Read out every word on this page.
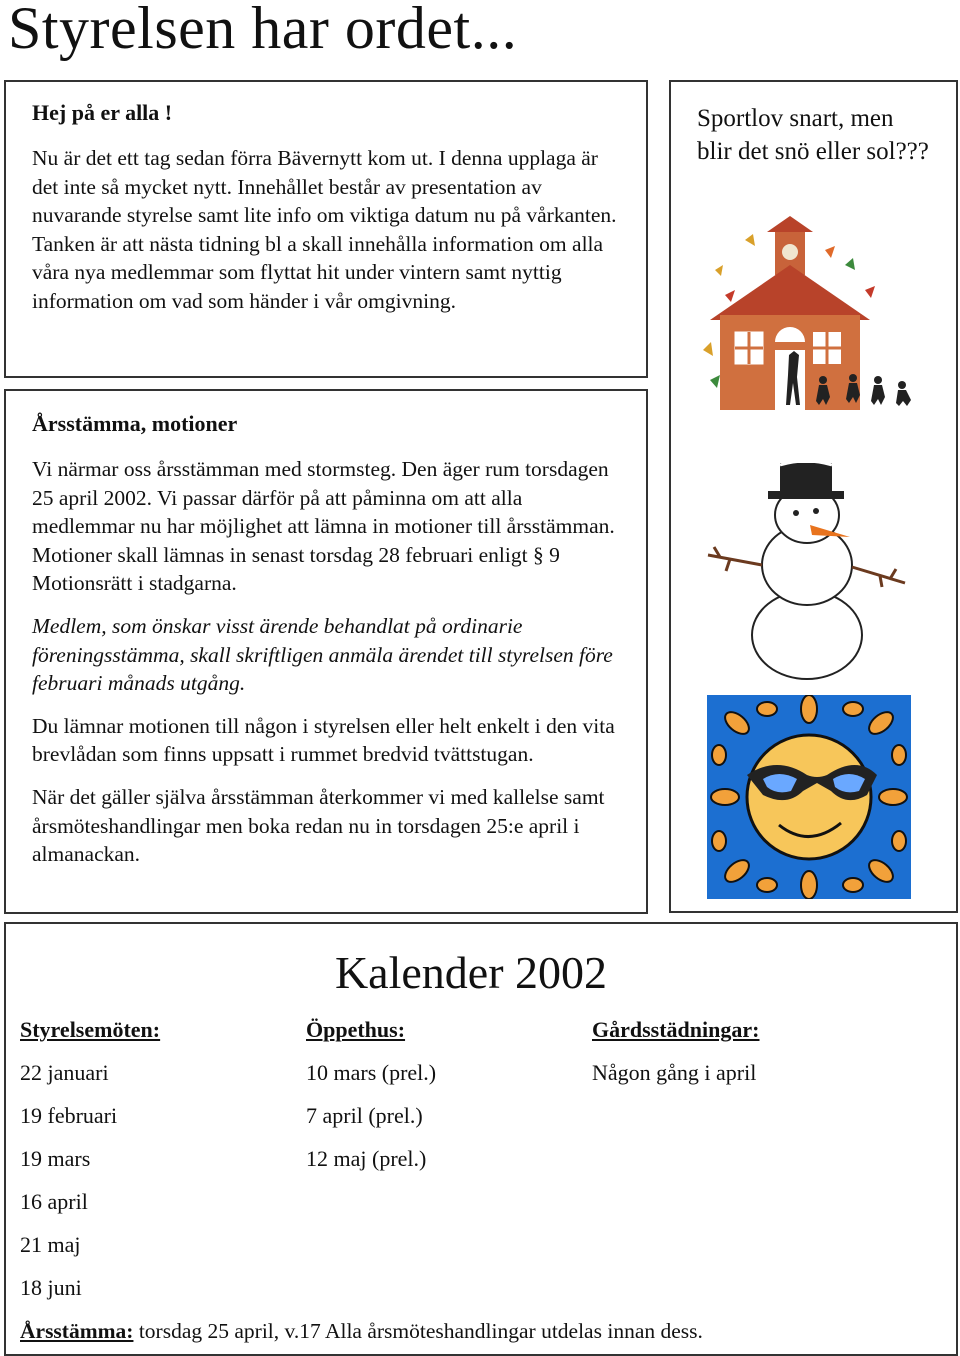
Styrelsen har ordet...
Hej på er alla !

Nu är det ett tag sedan förra Bävernytt kom ut. I denna upplaga är det inte så mycket nytt. Innehållet består av presentation av nuvarande styrelse samt lite info om viktiga datum nu på vårkanten. Tanken är att nästa tidning bl a skall innehålla information om alla våra nya medlemmar som flyttat hit under vintern samt nyttig information om vad som händer i vår omgivning.

Årsstämma, motioner

Vi närmar oss årsstämman med stormsteg. Den äger rum torsdagen 25 april 2002. Vi passar därför på att påminna om att alla medlemmar nu har möjlighet att lämna in motioner till årsstämman. Motioner skall lämnas in senast torsdag 28 februari enligt § 9 Motionsrätt i stadgarna.

Medlem, som önskar visst ärende behandlat på ordinarie föreningsstämma, skall skriftligen anmäla ärendet till styrelsen före februari månads utgång.

Du lämnar motionen till någon i styrelsen eller helt enkelt i den vita brevlådan som finns uppsatt i rummet bredvid tvättstugan.

När det gäller själva årsstämman återkommer vi med kallelse samt årsmöteshandlingar men boka redan nu in torsdagen 25:e april i almanackan.

Sportlov snart, men blir det snö eller sol???

Kalender 2002
Styrelsemöten:
22 januari
19 februari
19 mars
16 april
21 maj
18 juni
Öppethus:
10 mars (prel.)
7 april (prel.)
12 maj (prel.)
Gårdsstädningar:
Någon gång i april
Årsstämma: torsdag 25 april, v.17 Alla årsmöteshandlingar utdelas innan dess.
